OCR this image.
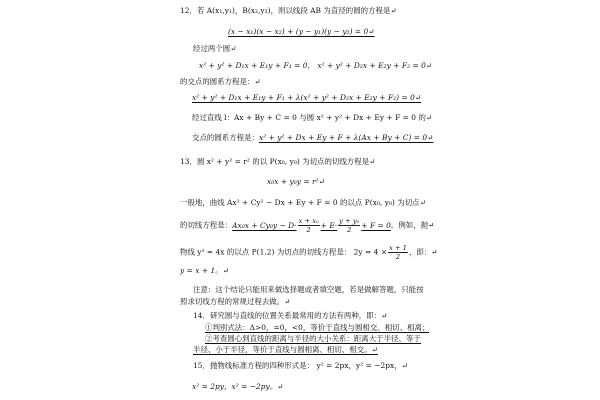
12．若 A(x₁,y₁)，B(x₂,y₂)，则以线段 AB 为直径的圆的方程是↵
(x − x₁)(x − x₂) + (y − y₁)(y − y₂) = 0↵
经过两个圆↵
x² + y² + D₁x + E₁y + F₁ = 0， x² + y² + D₂x + E₂y + F₂ = 0↵
的交点的圆系方程是：↵
x² + y² + D₁x + E₁y + F₁ + λ(x² + y² + D₂x + E₂y + F₂) = 0↵
经过直线 l：Ax + By + C = 0 与圆 x² + y² + Dx + Ey + F = 0 的↵
交点的圆系方程是：x² + y² + Dx + Ey + F + λ(Ax + By + C) = 0↵
13．圆 x² + y² = r² 的以 P(x₀, y₀) 为切点的切线方程是↵
x₀x + y₀y = r²↵
一般地，曲线 Ax² + Cy² − Dx + Ey + F = 0 的以点 P(x₀, y₀) 为切点↵
的切线方程是：$Ax_0x + Cy_0y - D\cdot \frac{\text{x + x₀}}{2} + E\cdot \frac{\text{y + y₀}}{2} + F = 0$。例如，抛↵
物线 y² = 4x 的以点 P(1,2) 为切点的切线方程是： $2y = 4 \times \frac{x + 1}{2}$ ，即：↵
y = x + 1。↵
注意：这个结论只能用来做选择题或者填空题，若是做解答题，只能按
照求切线方程的常规过程去做。↵
14．研究圆与直线的位置关系最常用的方法有两种，即：↵
①判别式法：Δ>0，=0，<0，等价于直线与圆相交、相切、相离；
②考查圆心到直线的距离与半径的大小关系：距离大于半径、等于
半径、小于半径，等价于直线与圆相离、相切、相交。↵
15．抛物线标准方程的四种形式是： y² = 2px，y² = −2px，↵
x² = 2py，x² = −2py。↵
